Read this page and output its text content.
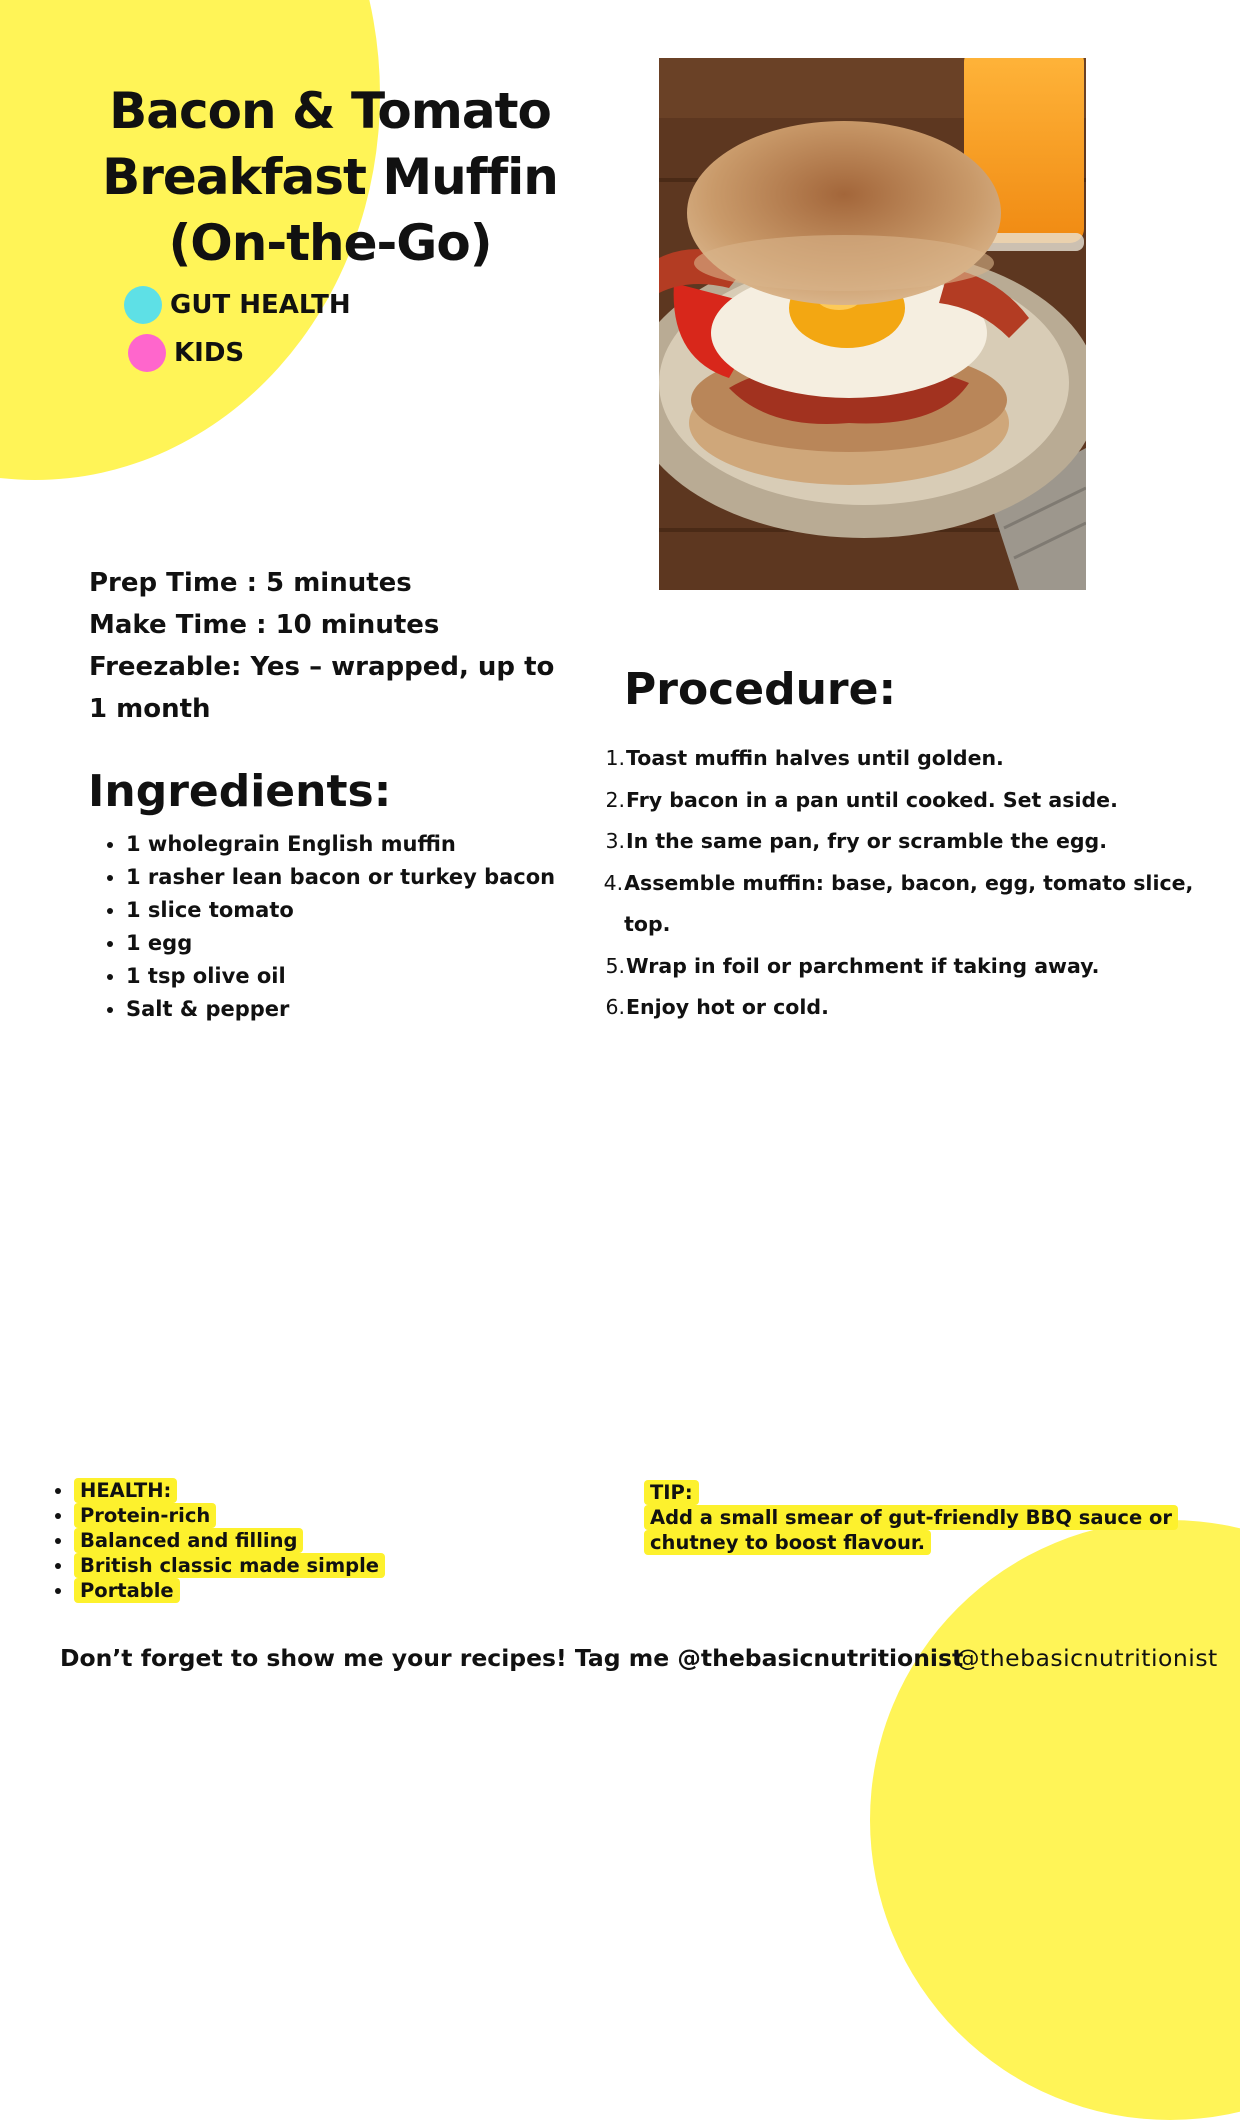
Bacon & Tomato
Breakfast Muffin
(On-the-Go)
GUT HEALTH
KIDS
Prep Time : 5 minutes
Make Time : 10 minutes
Freezable: Yes – wrapped, up to 1 month
Ingredients:
• 1 wholegrain English muffin
• 1 rasher lean bacon or turkey bacon
• 1 slice tomato
• 1 egg
• 1 tsp olive oil
• Salt & pepper
Procedure:
1. Toast muffin halves until golden.
2. Fry bacon in a pan until cooked. Set aside.
3. In the same pan, fry or scramble the egg.
4. Assemble muffin: base, bacon, egg, tomato slice, top.
5. Wrap in foil or parchment if taking away.
6. Enjoy hot or cold.
• HEALTH:
• Protein-rich
• Balanced and filling
• British classic made simple
• Portable
TIP:
Add a small smear of gut-friendly BBQ sauce or chutney to boost flavour.
Don’t forget to show me your recipes! Tag me @thebasicnutritionist
@thebasicnutritionist
